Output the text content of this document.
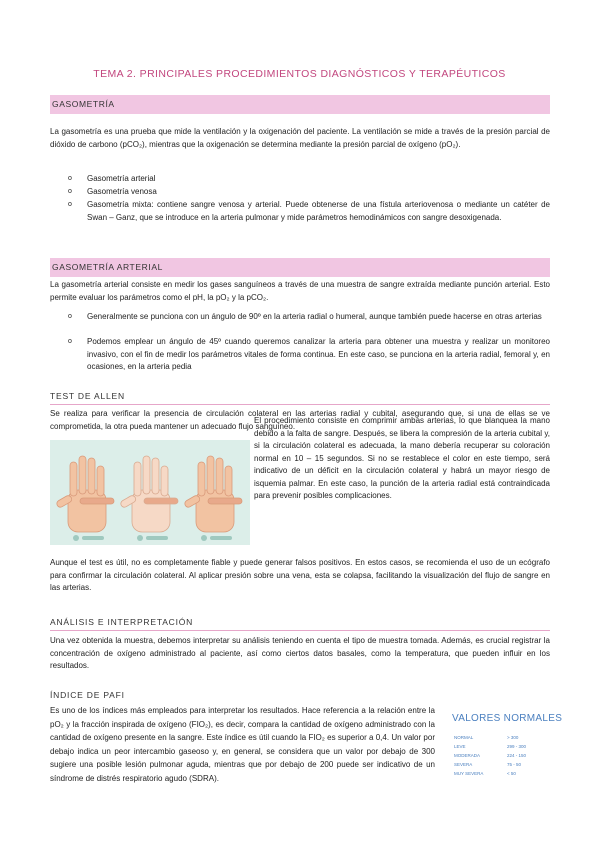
TEMA 2. PRINCIPALES PROCEDIMIENTOS DIAGNÓSTICOS Y TERAPÉUTICOS
GASOMETRÍA
La gasometría es una prueba que mide la ventilación y la oxigenación del paciente. La ventilación se mide a través de la presión parcial de dióxido de carbono (pCO₂), mientras que la oxigenación se determina mediante la presión parcial de oxígeno (pO₂).
o Gasometría arterial
o Gasometría venosa
o Gasometría mixta: contiene sangre venosa y arterial. Puede obtenerse de una fístula arteriovenosa o mediante un catéter de Swan – Ganz, que se introduce en la arteria pulmonar y mide parámetros hemodinámicos con sangre desoxigenada.
GASOMETRÍA ARTERIAL
La gasometría arterial consiste en medir los gases sanguíneos a través de una muestra de sangre extraída mediante punción arterial. Esto permite evaluar los parámetros como el pH, la pO₂ y la pCO₂.
o Generalmente se punciona con un ángulo de 90º en la arteria radial o humeral, aunque también puede hacerse en otras arterias
o Podemos emplear un ángulo de 45º cuando queremos canalizar la arteria para obtener una muestra y realizar un monitoreo invasivo, con el fin de medir los parámetros vitales de forma continua. En este caso, se punciona en la arteria radial, femoral y, en ocasiones, en la arteria pedia
TEST DE ALLEN
Se realiza para verificar la presencia de circulación colateral en las arterias radial y cubital, asegurando que, si una de ellas se ve comprometida, la otra pueda mantener un adecuado flujo sanguíneo.
El procedimiento consiste en comprimir ambas arterias, lo que blanquea la mano debido a la falta de sangre. Después, se libera la compresión de la arteria cubital y, si la circulación colateral es adecuada, la mano debería recuperar su coloración normal en 10 – 15 segundos. Si no se restablece el color en este tiempo, será indicativo de un déficit en la circulación colateral y habrá un mayor riesgo de isquemia palmar. En este caso, la punción de la arteria radial está contraindicada para prevenir posibles complicaciones.
Aunque el test es útil, no es completamente fiable y puede generar falsos positivos. En estos casos, se recomienda el uso de un ecógrafo para confirmar la circulación colateral. Al aplicar presión sobre una vena, esta se colapsa, facilitando la visualización del flujo de sangre en las arterias.
ANÁLISIS E INTERPRETACIÓN
Una vez obtenida la muestra, debemos interpretar su análisis teniendo en cuenta el tipo de muestra tomada. Además, es crucial registrar la concentración de oxígeno administrado al paciente, así como ciertos datos basales, como la temperatura, que pueden influir en los resultados.
ÍNDICE DE PAFI
Es uno de los índices más empleados para interpretar los resultados. Hace referencia a la relación entre la pO₂ y la fracción inspirada de oxígeno (FIO₂), es decir, compara la cantidad de oxígeno administrado con la cantidad de oxígeno presente en la sangre. Este índice es útil cuando la FIO₂ es superior a 0,4. Un valor por debajo indica un peor intercambio gaseoso y, en general, se considera que un valor por debajo de 300 sugiere una posible lesión pulmonar aguda, mientras que por debajo de 200 puede ser indicativo de un síndrome de distrés respiratorio agudo (SDRA).
VALORES NORMALES
NORMAL	> 300
LEVE	299 - 300
MODERADA	224 - 150
SEVERA	75 - 50
MUY SEVERA	< 50
